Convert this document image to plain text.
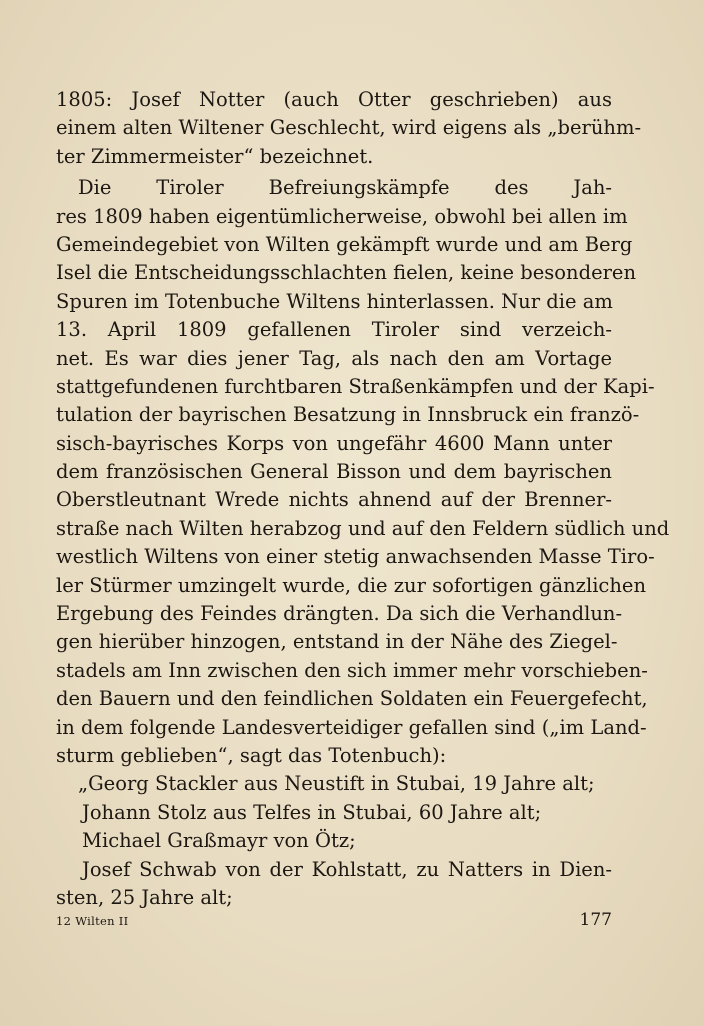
1805: Josef Notter (auch Otter geschrieben) aus
einem alten Wiltener Geschlecht, wird eigens als „berühm-
ter Zimmermeister“ bezeichnet.
Die Tiroler Befreiungskämpfe des Jah-
res 1809 haben eigentümlicherweise, obwohl bei allen im
Gemeindegebiet von Wilten gekämpft wurde und am Berg
Isel die Entscheidungsschlachten fielen, keine besonderen
Spuren im Totenbuche Wiltens hinterlassen. Nur die am
13. April 1809 gefallenen Tiroler sind verzeich-
net. Es war dies jener Tag, als nach den am Vortage
stattgefundenen furchtbaren Straßenkämpfen und der Kapi-
tulation der bayrischen Besatzung in Innsbruck ein franzö-
sisch-bayrisches Korps von ungefähr 4600 Mann unter
dem französischen General Bisson und dem bayrischen
Oberstleutnant Wrede nichts ahnend auf der Brenner-
straße nach Wilten herabzog und auf den Feldern südlich und
westlich Wiltens von einer stetig anwachsenden Masse Tiro-
ler Stürmer umzingelt wurde, die zur sofortigen gänzlichen
Ergebung des Feindes drängten. Da sich die Verhandlun-
gen hierüber hinzogen, entstand in der Nähe des Ziegel-
stadels am Inn zwischen den sich immer mehr vorschieben-
den Bauern und den feindlichen Soldaten ein Feuergefecht,
in dem folgende Landesverteidiger gefallen sind („im Land-
sturm geblieben“, sagt das Totenbuch):
„Georg Stackler aus Neustift in Stubai, 19 Jahre alt;
Johann Stolz aus Telfes in Stubai, 60 Jahre alt;
Michael Graßmayr von Ötz;
Josef Schwab von der Kohlstatt, zu Natters in Dien-
sten, 25 Jahre alt;
12 Wilten II	177
